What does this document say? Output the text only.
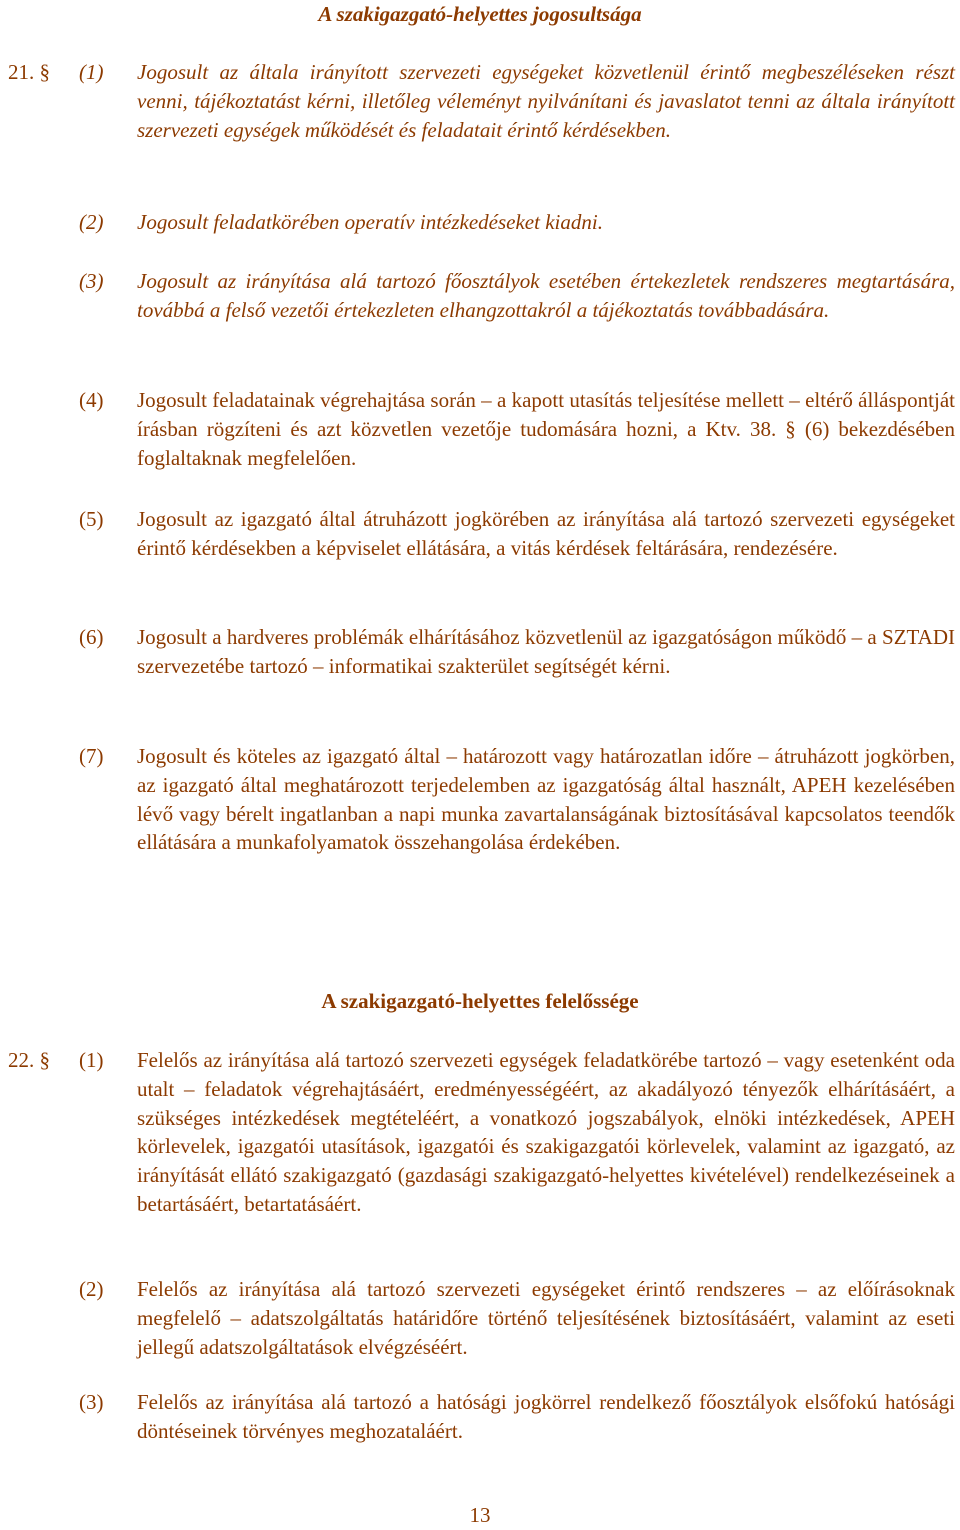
A szakigazgató-helyettes jogosultsága
21. § (1) Jogosult az általa irányított szervezeti egységeket közvetlenül érintő megbeszéléseken részt venni, tájékoztatást kérni, illetőleg véleményt nyilvánítani és javaslatot tenni az általa irányított szervezeti egységek működését és feladatait érintő kérdésekben.
(2) Jogosult feladatkörében operatív intézkedéseket kiadni.
(3) Jogosult az irányítása alá tartozó főosztályok esetében értekezletek rendszeres megtartására, továbbá a felső vezetői értekezleten elhangzottakról a tájékoztatás továbbadására.
(4) Jogosult feladatainak végrehajtása során – a kapott utasítás teljesítése mellett – eltérő álláspontját írásban rögzíteni és azt közvetlen vezetője tudomására hozni, a Ktv. 38. § (6) bekezdésében foglaltaknak megfelelően.
(5) Jogosult az igazgató által átruházott jogkörében az irányítása alá tartozó szervezeti egységeket érintő kérdésekben a képviselet ellátására, a vitás kérdések feltárására, rendezésére.
(6) Jogosult a hardveres problémák elhárításához közvetlenül az igazgatóságon működő – a SZTADI szervezetébe tartozó – informatikai szakterület segítségét kérni.
(7) Jogosult és köteles az igazgató által – határozott vagy határozatlan időre – átruházott jogkörben, az igazgató által meghatározott terjedelemben az igazgatóság által használt, APEH kezelésében lévő vagy bérelt ingatlanban a napi munka zavartalanságának biztosításával kapcsolatos teendők ellátására a munkafolyamatok összehangolása érdekében.
A szakigazgató-helyettes felelőssége
22. § (1) Felelős az irányítása alá tartozó szervezeti egységek feladatkörébe tartozó – vagy esetenként oda utalt – feladatok végrehajtásáért, eredményességéért, az akadályozó tényezők elhárításáért, a szükséges intézkedések megtételéért, a vonatkozó jogszabályok, elnöki intézkedések, APEH körlevelek, igazgatói utasítások, igazgatói és szakigazgatói körlevelek, valamint az igazgató, az irányítását ellátó szakigazgató (gazdasági szakigazgató-helyettes kivételével) rendelkezéseinek a betartásáért, betartatásáért.
(2) Felelős az irányítása alá tartozó szervezeti egységeket érintő rendszeres – az előírásoknak megfelelő – adatszolgáltatás határidőre történő teljesítésének biztosításáért, valamint az eseti jellegű adatszolgáltatások elvégzéséért.
(3) Felelős az irányítása alá tartozó a hatósági jogkörrel rendelkező főosztályok elsőfokú hatósági döntéseinek törvényes meghozataláért.
13
